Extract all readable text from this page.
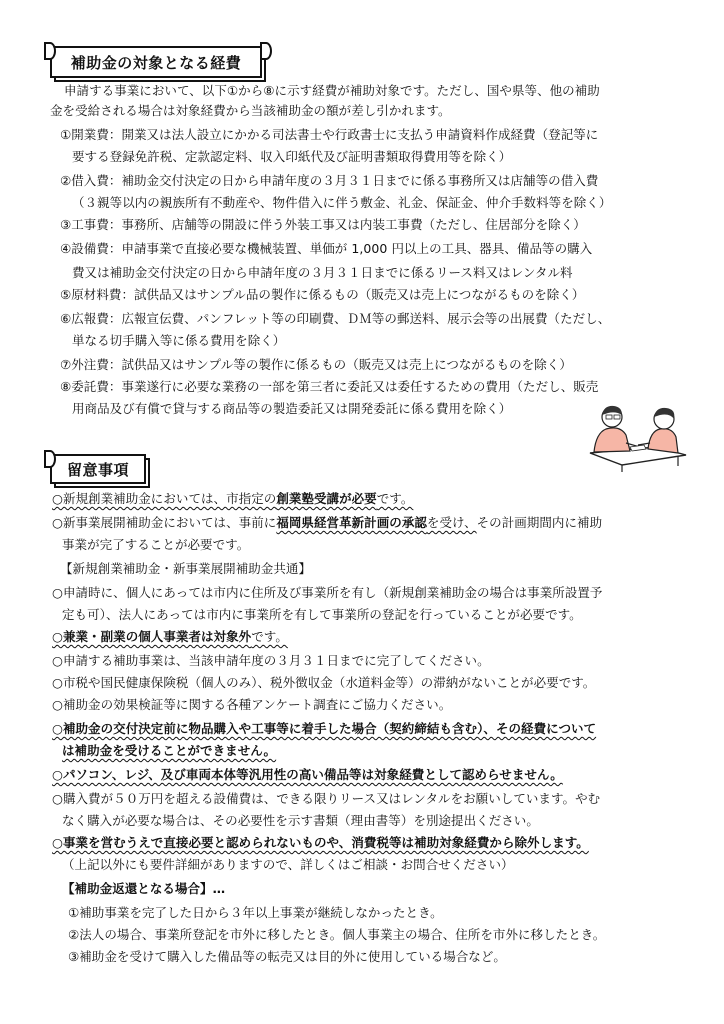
補助金の対象となる経費
申請する事業において、以下①から⑧に示す経費が補助対象です。ただし、国や県等、他の補助
金を受給される場合は対象経費から当該補助金の額が差し引かれます。
①開業費：開業又は法人設立にかかる司法書士や行政書士に支払う申請資料作成経費（登記等に
要する登録免許税、定款認定料、収入印紙代及び証明書類取得費用等を除く）
②借入費：補助金交付決定の日から申請年度の３月３１日までに係る事務所又は店舗等の借入費
（３親等以内の親族所有不動産や、物件借入に伴う敷金、礼金、保証金、仲介手数料等を除く）
③工事費：事務所、店舗等の開設に伴う外装工事又は内装工事費（ただし、住居部分を除く）
④設備費：申請事業で直接必要な機械装置、単価が 1,000 円以上の工具、器具、備品等の購入
費又は補助金交付決定の日から申請年度の３月３１日までに係るリース料又はレンタル料
⑤原材料費：試供品又はサンプル品の製作に係るもの（販売又は売上につながるものを除く）
⑥広報費：広報宣伝費、パンフレット等の印刷費、ＤＭ等の郵送料、展示会等の出展費（ただし、
単なる切手購入等に係る費用を除く）
⑦外注費：試供品又はサンプル等の製作に係るもの（販売又は売上につながるものを除く）
⑧委託費：事業遂行に必要な業務の一部を第三者に委託又は委任するための費用（ただし、販売
用商品及び有償で貸与する商品等の製造委託又は開発委託に係る費用を除く）
留意事項
○新規創業補助金においては、市指定の創業塾受講が必要です。
○新事業展開補助金においては、事前に福岡県経営革新計画の承認を受け、その計画期間内に補助
事業が完了することが必要です。
【新規創業補助金・新事業展開補助金共通】
○申請時に、個人にあっては市内に住所及び事業所を有し（新規創業補助金の場合は事業所設置予
定も可）、法人にあっては市内に事業所を有して事業所の登記を行っていることが必要です。
○兼業・副業の個人事業者は対象外です。
○申請する補助事業は、当該申請年度の３月３１日までに完了してください。
○市税や国民健康保険税（個人のみ）、税外徴収金（水道料金等）の滞納がないことが必要です。
○補助金の効果検証等に関する各種アンケート調査にご協力ください。
○補助金の交付決定前に物品購入や工事等に着手した場合（契約締結も含む）、その経費について
は補助金を受けることができません。
○パソコン、レジ、及び車両本体等汎用性の高い備品等は対象経費として認めらせません。
○購入費が５０万円を超える設備費は、できる限りリース又はレンタルをお願いしています。やむ
なく購入が必要な場合は、その必要性を示す書類（理由書等）を別途提出ください。
○事業を営むうえで直接必要と認められないものや、消費税等は補助対象経費から除外します。
（上記以外にも要件詳細がありますので、詳しくはご相談・お問合せください）
【補助金返還となる場合】…
①補助事業を完了した日から３年以上事業が継続しなかったとき。
②法人の場合、事業所登記を市外に移したとき。個人事業主の場合、住所を市外に移したとき。
③補助金を受けて購入した備品等の転売又は目的外に使用している場合など。
